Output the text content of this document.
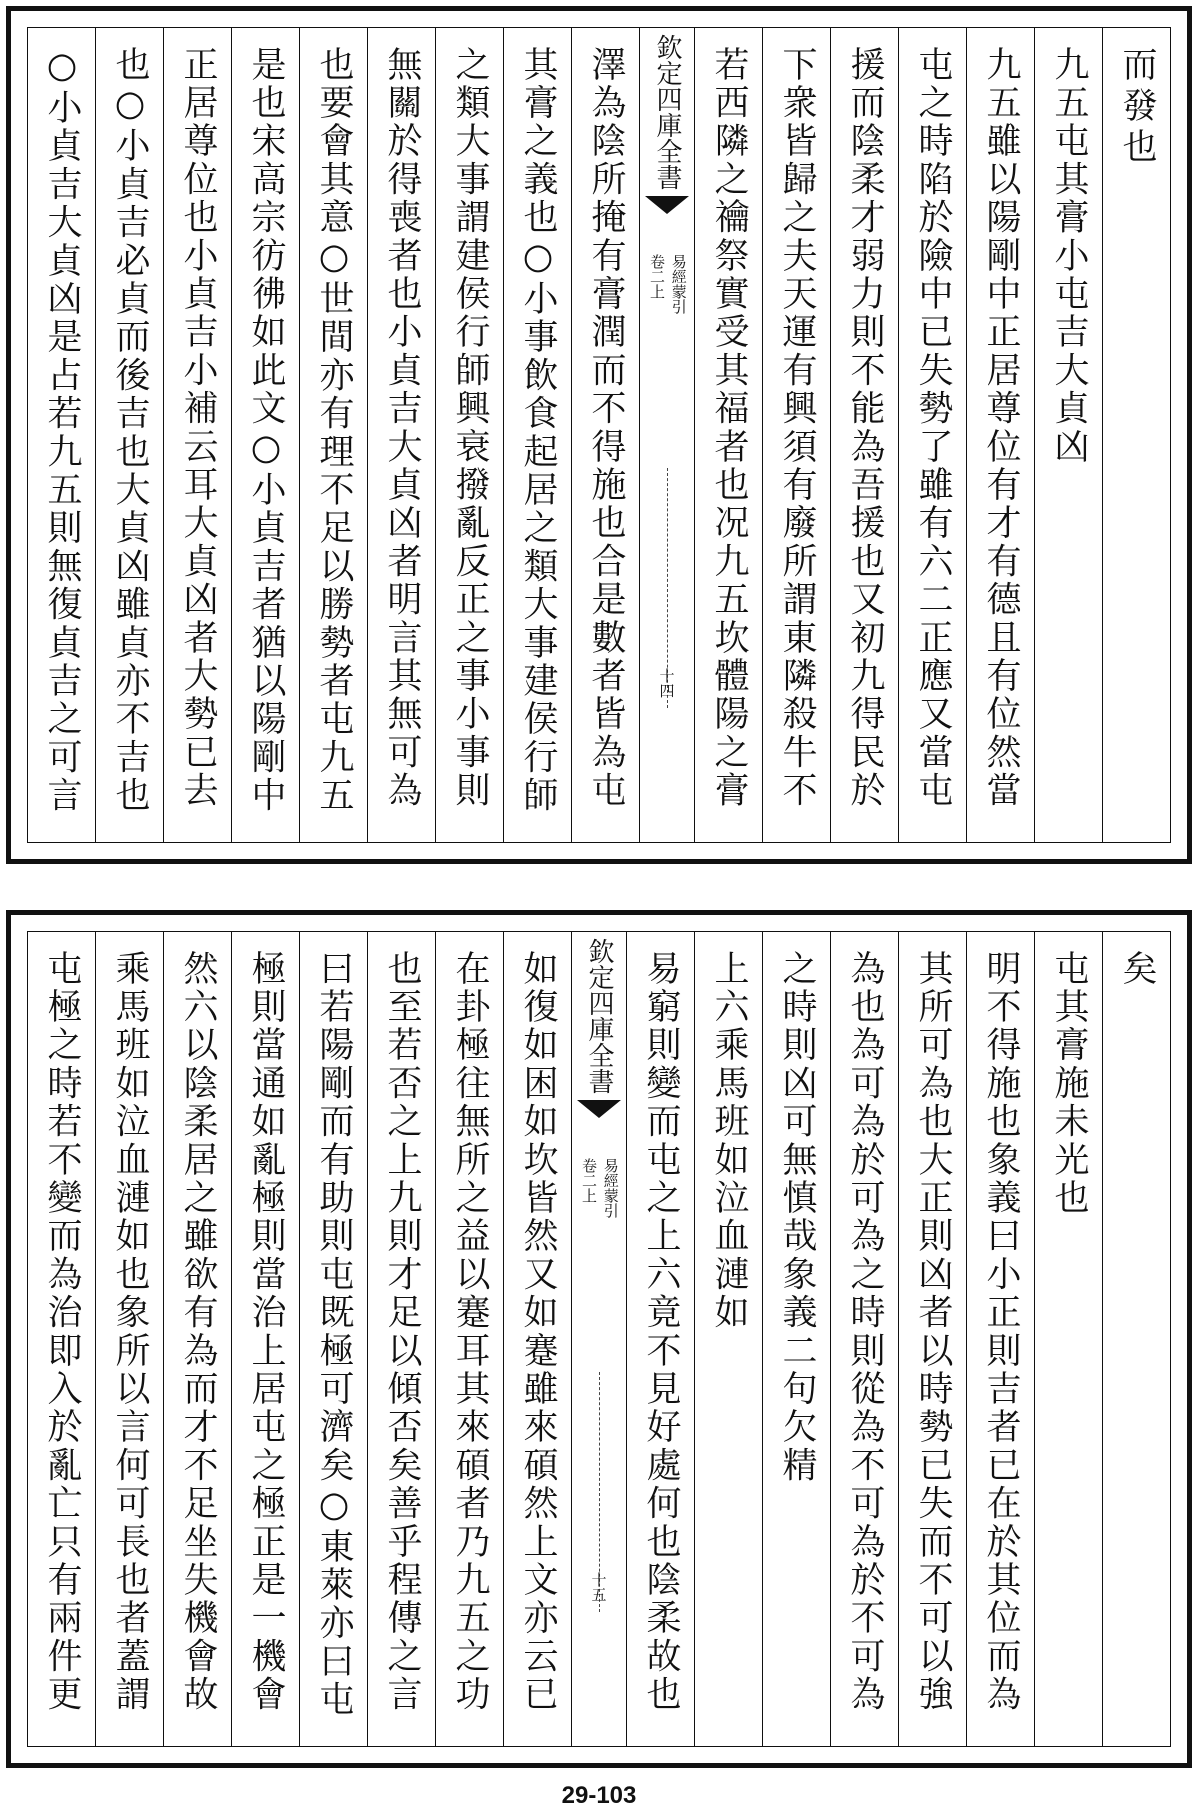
而發也
九五屯其膏小屯吉大貞凶
九五雖以陽剛中正居尊位有才有德且有位然當
屯之時陷於險中已失勢了雖有六二正應又當屯
援而陰柔才弱力則不能為吾援也又初九得民於
下衆皆歸之夫天運有興須有廢所謂東隣殺牛不
若西隣之禴祭實受其福者也况九五坎體陽之膏
欽定四庫全書
易經蒙引
卷二上
十四
澤為陰所掩有膏潤而不得施也合是數者皆為屯
其膏之義也○小事飲食起居之類大事建侯行師
之類大事謂建侯行師興衰撥亂反正之事小事則
無關於得喪者也小貞吉大貞凶者明言其無可為
也要會其意○世間亦有理不足以勝勢者屯九五
是也宋高宗彷彿如此文○小貞吉者猶以陽剛中
正居尊位也小貞吉小補云耳大貞凶者大勢已去
也○小貞吉必貞而後吉也大貞凶雖貞亦不吉也
○小貞吉大貞凶是占若九五則無復貞吉之可言
矣
屯其膏施未光也
明不得施也象義曰小正則吉者已在於其位而為
其所可為也大正則凶者以時勢已失而不可以強
為也為可為於可為之時則從為不可為於不可為
之時則凶可無慎哉象義二句欠精
上六乘馬班如泣血漣如
易窮則變而屯之上六竟不見好處何也陰柔故也
欽定四庫全書
易經蒙引
卷二上
十五
如復如困如坎皆然又如蹇雖來碩然上文亦云已
在卦極往無所之益以蹇耳其來碩者乃九五之功
也至若否之上九則才足以傾否矣善乎程傳之言
曰若陽剛而有助則屯既極可濟矣○東萊亦曰屯
極則當通如亂極則當治上居屯之極正是一機會
然六以陰柔居之雖欲有為而才不足坐失機會故
乘馬班如泣血漣如也象所以言何可長也者蓋謂
屯極之時若不變而為治即入於亂亡只有兩件更
29-103
